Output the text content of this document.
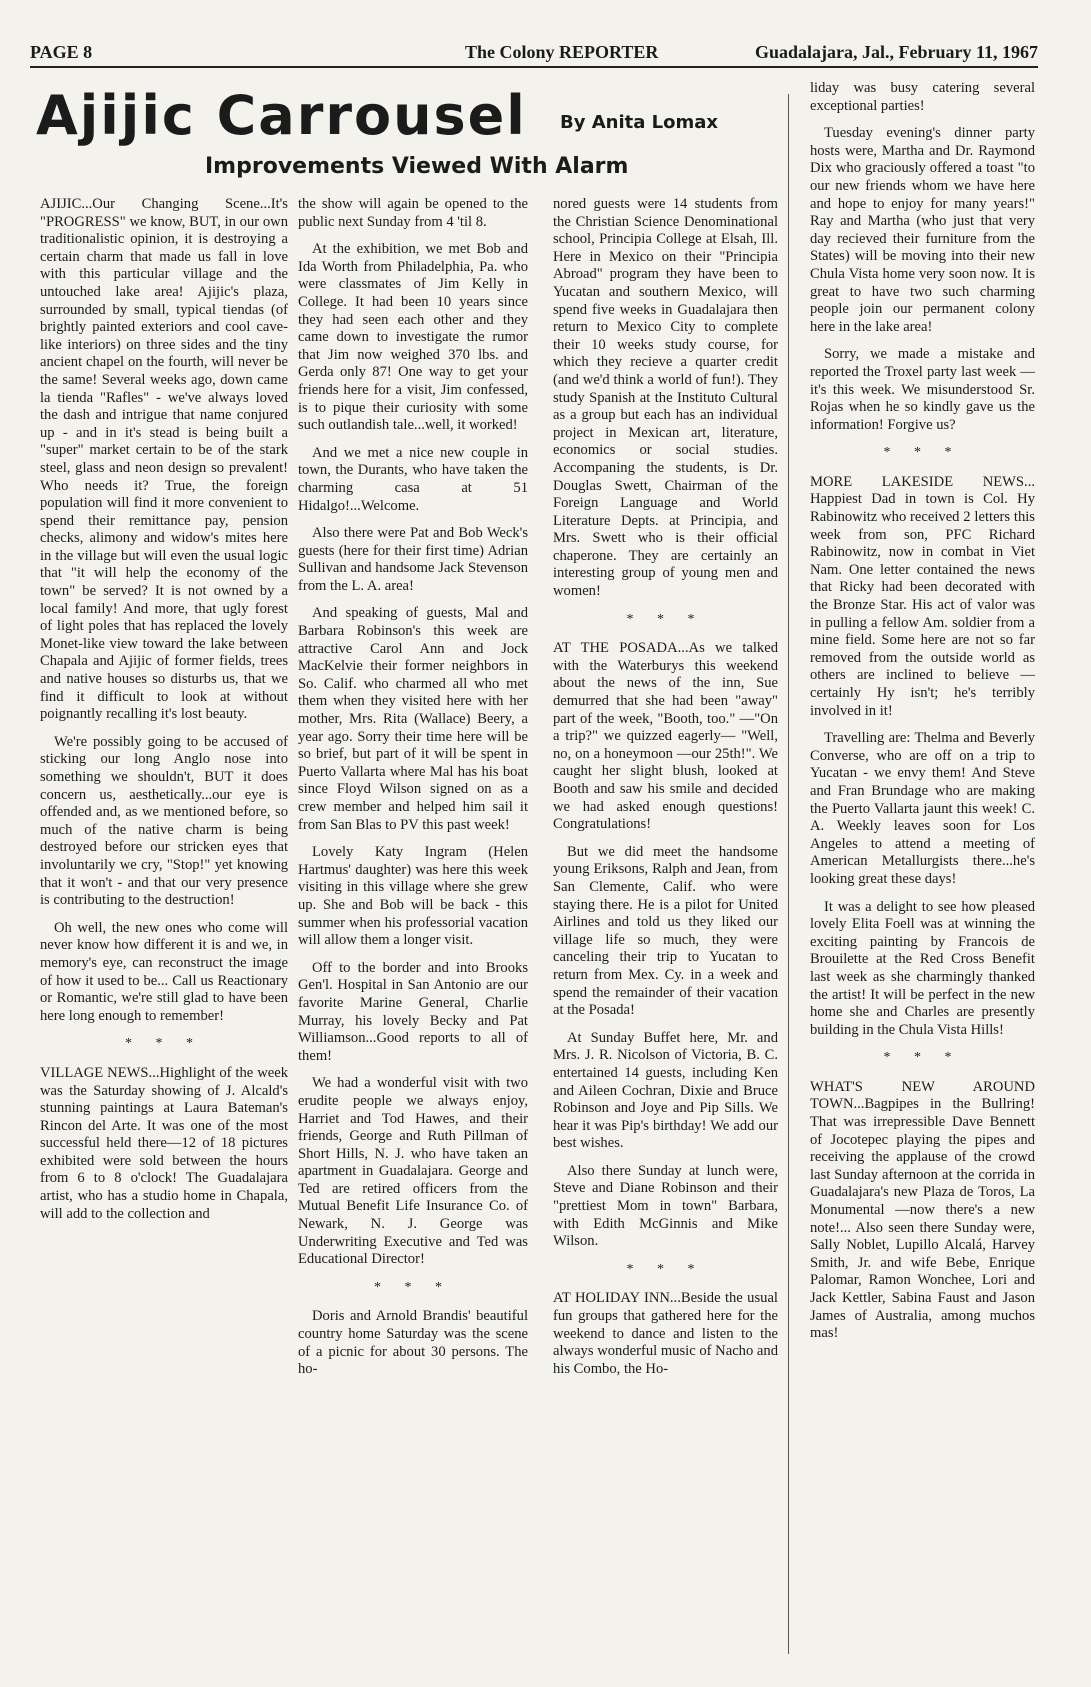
PAGE 8	The Colony REPORTER	Guadalajara, Jal., February 11, 1967
Ajijic Carrousel By Anita Lomax
Improvements Viewed With Alarm

AJIJIC...Our Changing Scene...It's "PROGRESS" we know, BUT, in our own traditionalistic opinion, it is destroying a certain charm that made us fall in love with this particular village and the untouched lake area! Ajijic's plaza, surrounded by small, typical tiendas (of brightly painted exteriors and cool cave-like interiors) on three sides and the tiny ancient chapel on the fourth, will never be the same! Several weeks ago, down came la tienda "Rafles" - we've always loved the dash and intrigue that name conjured up - and in it's stead is being built a "super" market certain to be of the stark steel, glass and neon design so prevalent! Who needs it? True, the foreign population will find it more convenient to spend their remittance pay, pension checks, alimony and widow's mites here in the village but will even the usual logic that "it will help the economy of the town" be served? It is not owned by a local family! And more, that ugly forest of light poles that has replaced the lovely Monet-like view toward the lake between Chapala and Ajijic of former fields, trees and native houses so disturbs us, that we find it difficult to look at without poignantly recalling it's lost beauty.

We're possibly going to be accused of sticking our long Anglo nose into something we shouldn't, BUT it does concern us, aesthetically...our eye is offended and, as we mentioned before, so much of the native charm is being destroyed before our stricken eyes that involuntarily we cry, "Stop!" yet knowing that it won't - and that our very presence is contributing to the destruction!

Oh well, the new ones who come will never know how different it is and we, in memory's eye, can reconstruct the image of how it used to be... Call us Reactionary or Romantic, we're still glad to have been here long enough to remember!

* * *

VILLAGE NEWS...Highlight of the week was the Saturday showing of J. Alcald's stunning paintings at Laura Bateman's Rincon del Arte. It was one of the most successful held there—12 of 18 pictures exhibited were sold between the hours from 6 to 8 o'clock! The Guadalajara artist, who has a studio home in Chapala, will add to the collection and

the show will again be opened to the public next Sunday from 4 'til 8.

At the exhibition, we met Bob and Ida Worth from Philadelphia, Pa. who were classmates of Jim Kelly in College. It had been 10 years since they had seen each other and they came down to investigate the rumor that Jim now weighed 370 lbs. and Gerda only 87! One way to get your friends here for a visit, Jim confessed, is to pique their curiosity with some such outlandish tale...well, it worked!

And we met a nice new couple in town, the Durants, who have taken the charming casa at 51 Hidalgo!...Welcome.

Also there were Pat and Bob Weck's guests (here for their first time) Adrian Sullivan and handsome Jack Stevenson from the L. A. area!

And speaking of guests, Mal and Barbara Robinson's this week are attractive Carol Ann and Jock MacKelvie their former neighbors in So. Calif. who charmed all who met them when they visited here with her mother, Mrs. Rita (Wallace) Beery, a year ago. Sorry their time here will be so brief, but part of it will be spent in Puerto Vallarta where Mal has his boat since Floyd Wilson signed on as a crew member and helped him sail it from San Blas to PV this past week!

Lovely Katy Ingram (Helen Hartmus' daughter) was here this week visiting in this village where she grew up. She and Bob will be back - this summer when his professorial vacation will allow them a longer visit.

Off to the border and into Brooks Gen'l. Hospital in San Antonio are our favorite Marine General, Charlie Murray, his lovely Becky and Pat Williamson...Good reports to all of them!

We had a wonderful visit with two erudite people we always enjoy, Harriet and Tod Hawes, and their friends, George and Ruth Pillman of Short Hills, N. J. who have taken an apartment in Guadalajara. George and Ted are retired officers from the Mutual Benefit Life Insurance Co. of Newark, N. J. George was Underwriting Executive and Ted was Educational Director!

* * *

Doris and Arnold Brandis' beautiful country home Saturday was the scene of a picnic for about 30 persons. The ho-

nored guests were 14 students from the Christian Science Denominational school, Principia College at Elsah, Ill. Here in Mexico on their "Principia Abroad" program they have been to Yucatan and southern Mexico, will spend five weeks in Guadalajara then return to Mexico City to complete their 10 weeks study course, for which they recieve a quarter credit (and we'd think a world of fun!). They study Spanish at the Instituto Cultural as a group but each has an individual project in Mexican art, literature, economics or social studies. Accompaning the students, is Dr. Douglas Swett, Chairman of the Foreign Language and World Literature Depts. at Principia, and Mrs. Swett who is their official chaperone. They are certainly an interesting group of young men and women!

* * *

AT THE POSADA...As we talked with the Waterburys this weekend about the news of the inn, Sue demurred that she had been "away" part of the week, "Booth, too." —"On a trip?" we quizzed eagerly— "Well, no, on a honeymoon —our 25th!". We caught her slight blush, looked at Booth and saw his smile and decided we had asked enough questions! Congratulations!

But we did meet the handsome young Eriksons, Ralph and Jean, from San Clemente, Calif. who were staying there. He is a pilot for United Airlines and told us they liked our village life so much, they were canceling their trip to Yucatan to return from Mex. Cy. in a week and spend the remainder of their vacation at the Posada!

At Sunday Buffet here, Mr. and Mrs. J. R. Nicolson of Victoria, B. C. entertained 14 guests, including Ken and Aileen Cochran, Dixie and Bruce Robinson and Joye and Pip Sills. We hear it was Pip's birthday! We add our best wishes.

Also there Sunday at lunch were, Steve and Diane Robinson and their "prettiest Mom in town" Barbara, with Edith McGinnis and Mike Wilson.

* * *

AT HOLIDAY INN...Beside the usual fun groups that gathered here for the weekend to dance and listen to the always wonderful music of Nacho and his Combo, the Ho-

liday was busy catering several exceptional parties!

Tuesday evening's dinner party hosts were, Martha and Dr. Raymond Dix who graciously offered a toast "to our new friends whom we have here and hope to enjoy for many years!" Ray and Martha (who just that very day recieved their furniture from the States) will be moving into their new Chula Vista home very soon now. It is great to have two such charming people join our permanent colony here in the lake area!

Sorry, we made a mistake and reported the Troxel party last week — it's this week. We misunderstood Sr. Rojas when he so kindly gave us the information! Forgive us?

* * *

MORE LAKESIDE NEWS... Happiest Dad in town is Col. Hy Rabinowitz who received 2 letters this week from son, PFC Richard Rabinowitz, now in combat in Viet Nam. One letter contained the news that Ricky had been decorated with the Bronze Star. His act of valor was in pulling a fellow Am. soldier from a mine field. Some here are not so far removed from the outside world as others are inclined to believe —certainly Hy isn't; he's terribly involved in it!

Travelling are: Thelma and Beverly Converse, who are off on a trip to Yucatan - we envy them! And Steve and Fran Brundage who are making the Puerto Vallarta jaunt this week! C. A. Weekly leaves soon for Los Angeles to attend a meeting of American Metallurgists there...he's looking great these days!

It was a delight to see how pleased lovely Elita Foell was at winning the exciting painting by Francois de Brouilette at the Red Cross Benefit last week as she charmingly thanked the artist! It will be perfect in the new home she and Charles are presently building in the Chula Vista Hills!

* * *

WHAT'S NEW AROUND TOWN...Bagpipes in the Bullring! That was irrepressible Dave Bennett of Jocotepec playing the pipes and receiving the applause of the crowd last Sunday afternoon at the corrida in Guadalajara's new Plaza de Toros, La Monumental —now there's a new note!... Also seen there Sunday were, Sally Noblet, Lupillo Alcalá, Harvey Smith, Jr. and wife Bebe, Enrique Palomar, Ramon Wonchee, Lori and Jack Kettler, Sabina Faust and Jason James of Australia, among muchos mas!
